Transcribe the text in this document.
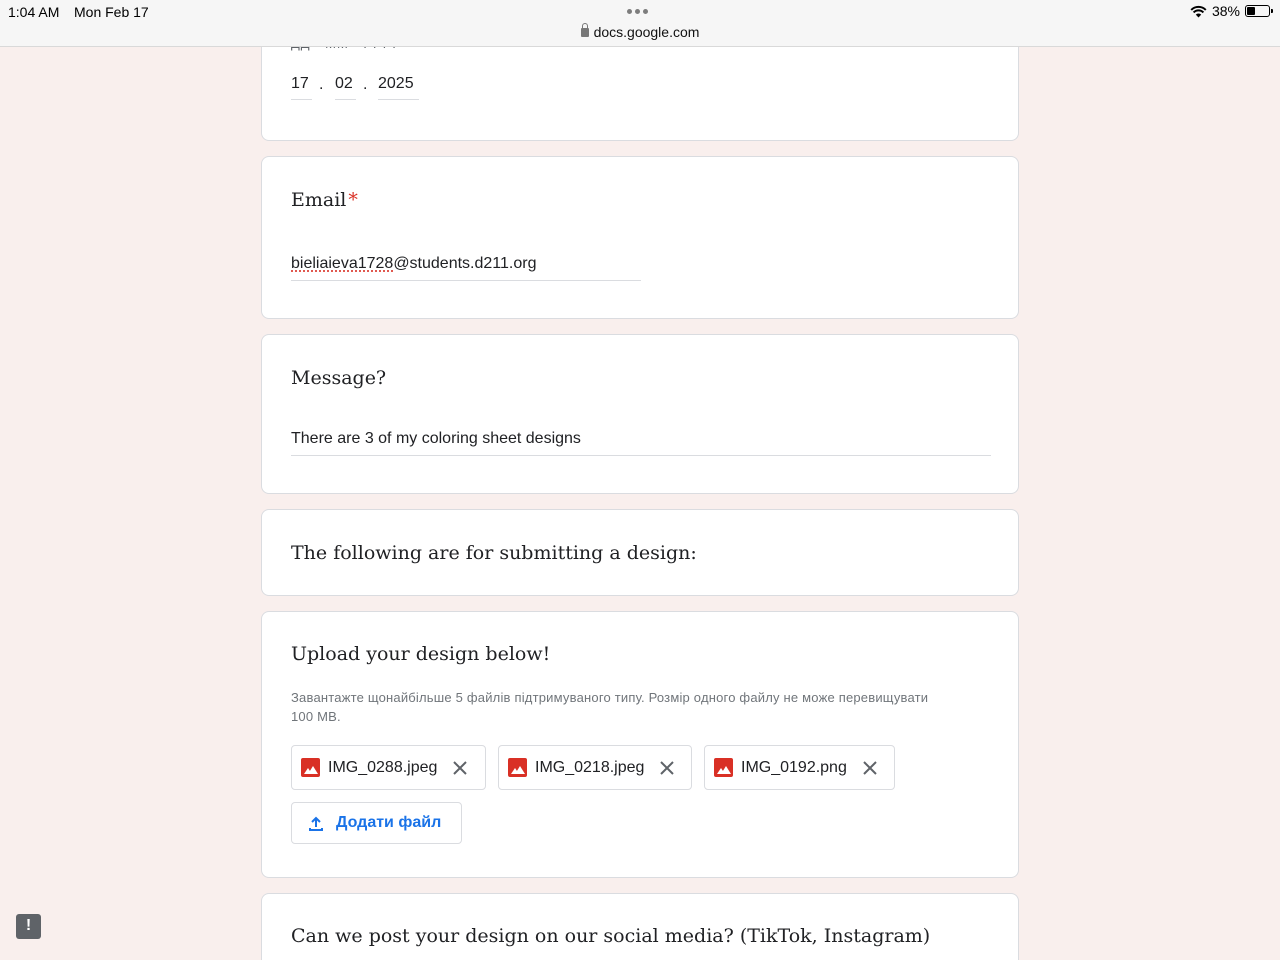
1:04 AM Mon Feb 17
docs.google.com
38%
17 . 02 . 2025
Email *
bieliaieva1728@students.d211.org
Message?
There are 3 of my coloring sheet designs
The following are for submitting a design:
Upload your design below!
Завантажте щонайбільше 5 файлів підтримуваного типу. Розмір одного файлу не може перевищувати 100 MB.
IMG_0288.jpeg	IMG_0218.jpeg	IMG_0192.png
Додати файл
Can we post your design on our social media? (TikTok, Instagram)
!
